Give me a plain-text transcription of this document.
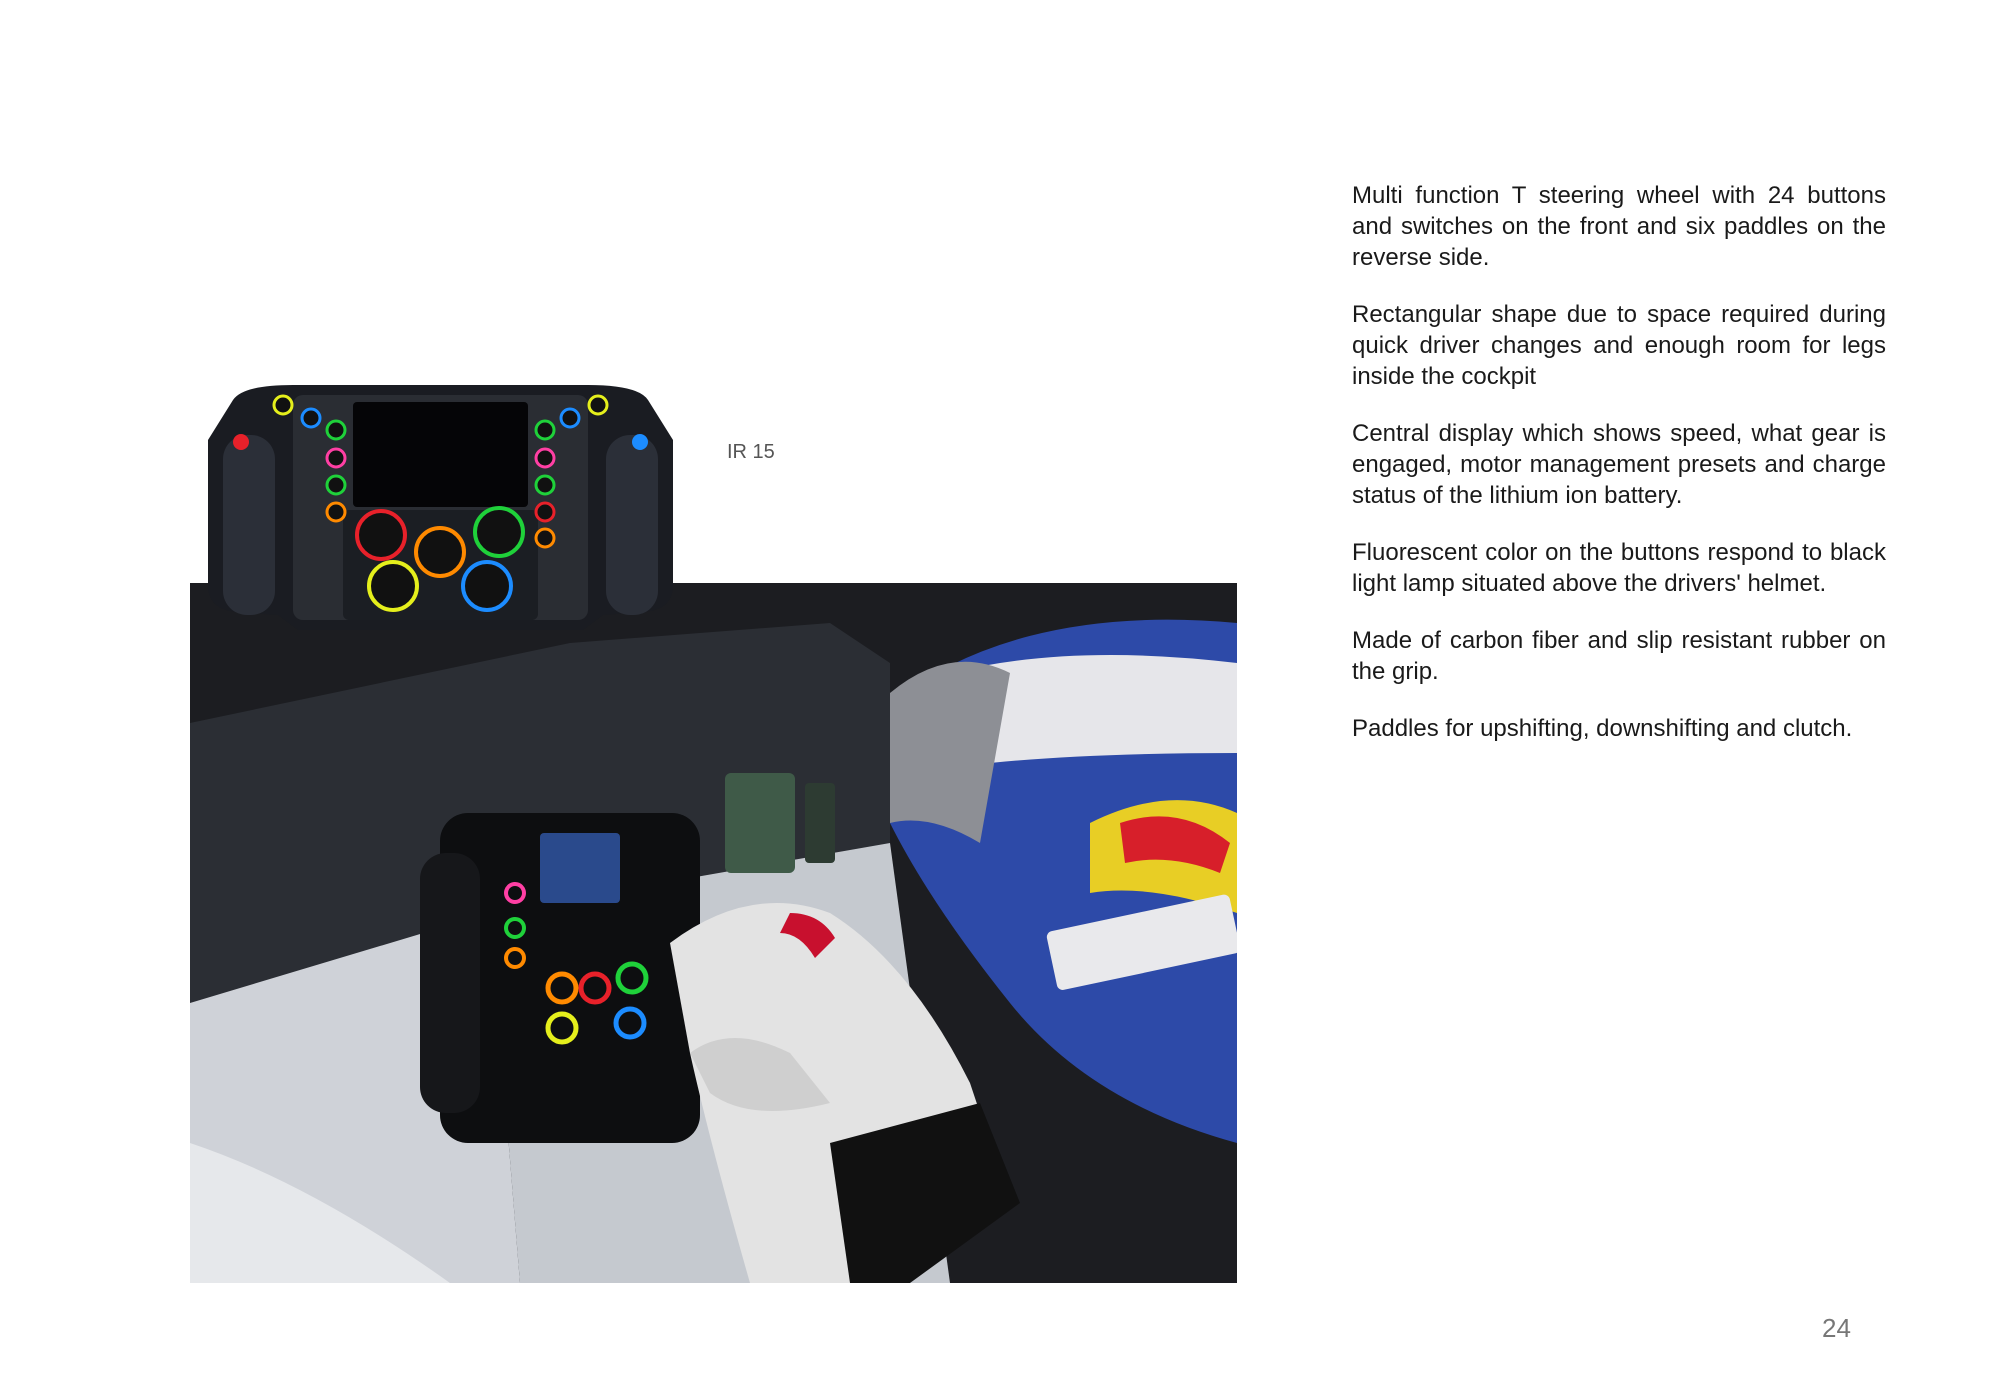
IR 15

Multi function T steering wheel with 24 buttons and switches on the front and six paddles on the reverse side.

Rectangular shape due to space required during quick driver changes and enough room for legs inside the cockpit

Central display which shows speed, what gear is engaged, motor management presets and charge status of the lithium ion battery.

Fluorescent color on the buttons respond to black light lamp situated above the drivers' helmet.

Made of carbon fiber and slip resistant rubber on the grip.

Paddles for upshifting, downshifting and clutch.

24
